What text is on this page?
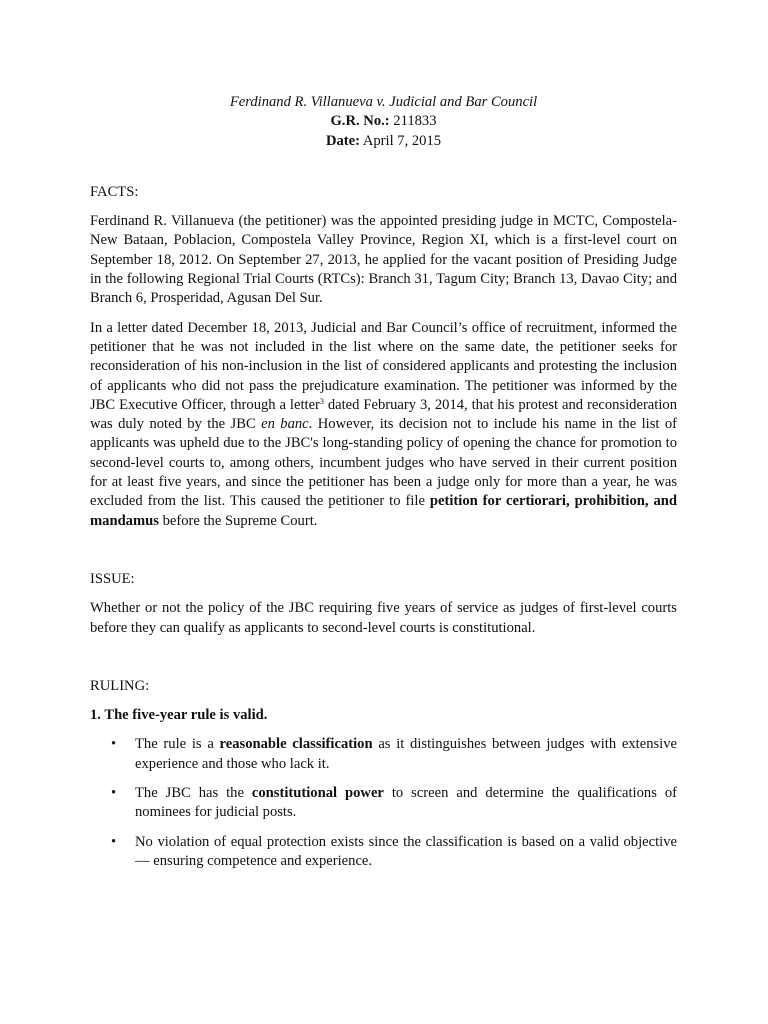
Ferdinand R. Villanueva v. Judicial and Bar Council
G.R. No.: 211833
Date: April 7, 2015
FACTS:

Ferdinand R. Villanueva (the petitioner) was the appointed presiding judge in MCTC, Compostela-New Bataan, Poblacion, Compostela Valley Province, Region XI, which is a first-level court on September 18, 2012. On September 27, 2013, he applied for the vacant position of Presiding Judge in the following Regional Trial Courts (RTCs): Branch 31, Tagum City; Branch 13, Davao City; and Branch 6, Prosperidad, Agusan Del Sur.

In a letter dated December 18, 2013, Judicial and Bar Council’s office of recruitment, informed the petitioner that he was not included in the list where on the same date, the petitioner seeks for reconsideration of his non-inclusion in the list of considered applicants and protesting the inclusion of applicants who did not pass the prejudicature examination. The petitioner was informed by the JBC Executive Officer, through a letter$^3$ dated February 3, 2014, that his protest and reconsideration was duly noted by the JBC en banc. However, its decision not to include his name in the list of applicants was upheld due to the JBC's long-standing policy of opening the chance for promotion to second-level courts to, among others, incumbent judges who have served in their current position for at least five years, and since the petitioner has been a judge only for more than a year, he was excluded from the list. This caused the petitioner to file petition for certiorari, prohibition, and mandamus before the Supreme Court.

ISSUE:

Whether or not the policy of the JBC requiring five years of service as judges of first-level courts before they can qualify as applicants to second-level courts is constitutional.

RULING:
1. The five-year rule is valid.
• The rule is a reasonable classification as it distinguishes between judges with extensive experience and those who lack it.
• The JBC has the constitutional power to screen and determine the qualifications of nominees for judicial posts.
• No violation of equal protection exists since the classification is based on a valid objective — ensuring competence and experience.
